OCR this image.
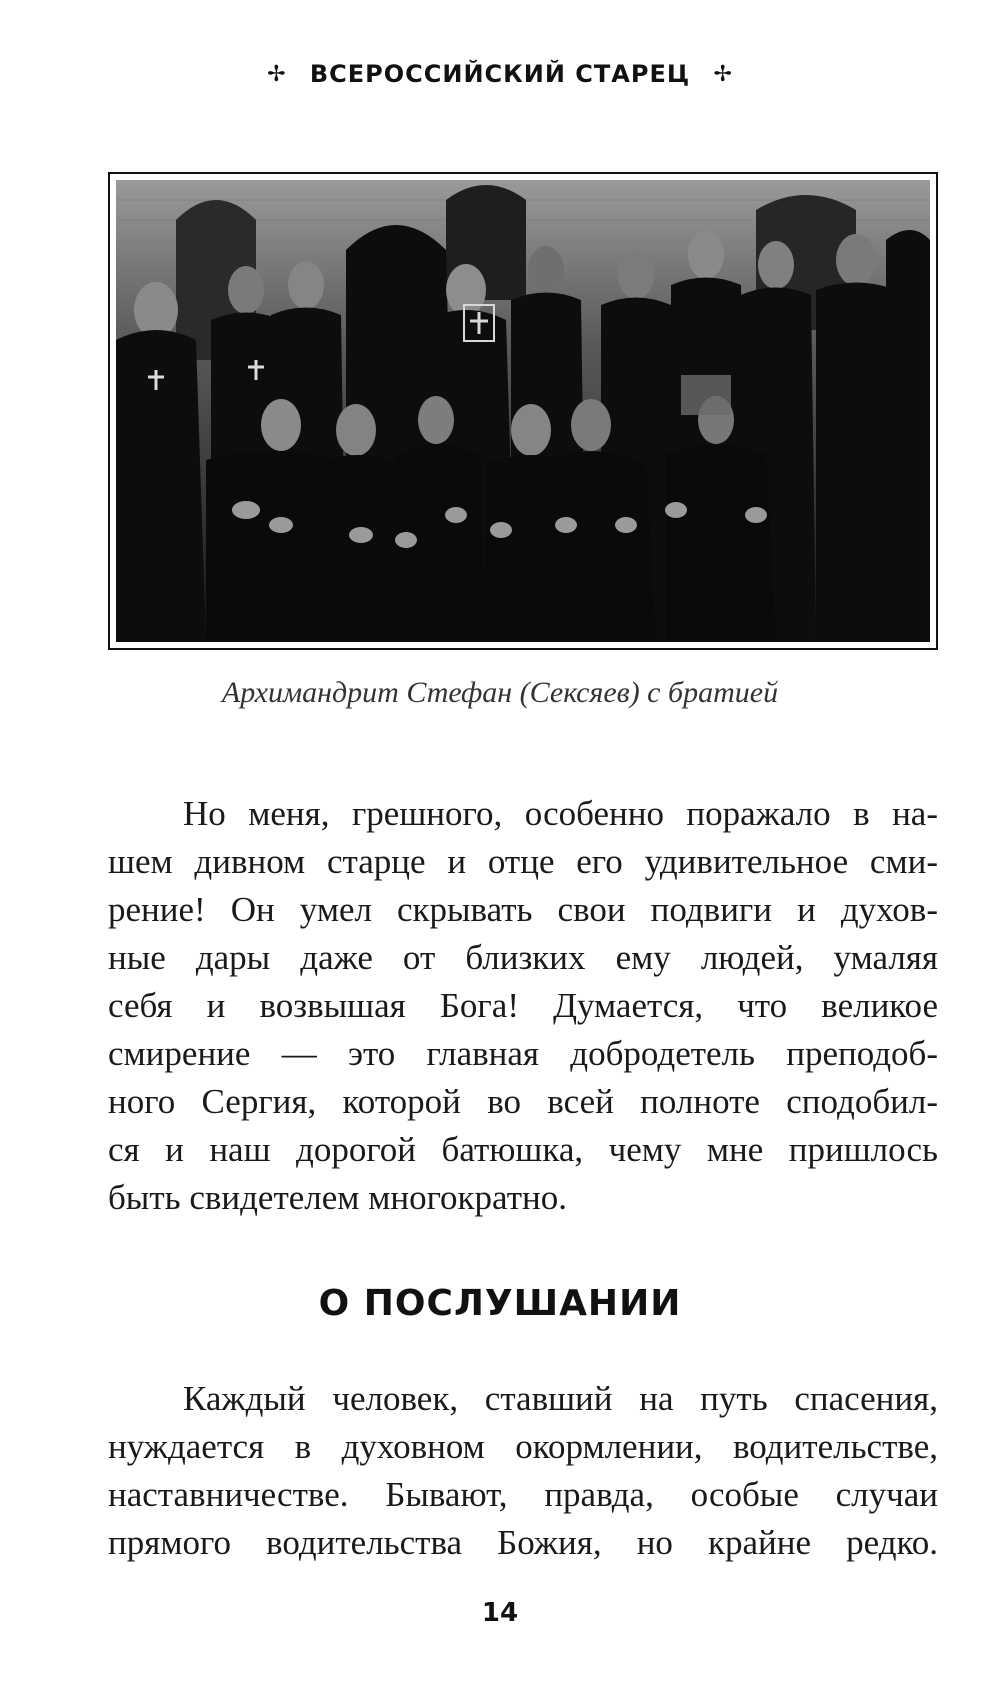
✢ ВСЕРОССИЙСКИЙ СТАРЕЦ ✢
Архимандрит Стефан (Сексяев) с братией

Но меня, грешного, особенно поражало в на-
шем дивном старце и отце его удивительное сми-
рение! Он умел скрывать свои подвиги и духов-
ные дары даже от близких ему людей, умаляя
себя и возвышая Бога! Думается, что великое
смирение — это главная добродетель преподоб-
ного Сергия, которой во всей полноте сподобил-
ся и наш дорогой батюшка, чему мне пришлось
быть свидетелем многократно.

О ПОСЛУШАНИИ

Каждый человек, ставший на путь спасения,
нуждается в духовном окормлении, водительстве,
наставничестве. Бывают, правда, особые случаи
прямого водительства Божия, но крайне редко.

14
